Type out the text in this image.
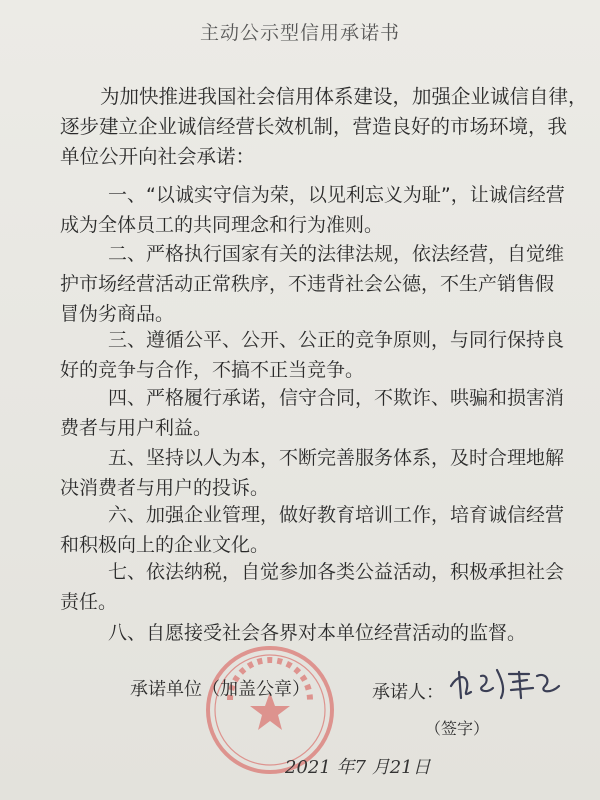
主动公示型信用承诺书
为加快推进我国社会信用体系建设，加强企业诚信自律，
逐步建立企业诚信经营长效机制，营造良好的市场环境，我
单位公开向社会承诺：
一、“以诚实守信为荣，以见利忘义为耻”，让诚信经营
成为全体员工的共同理念和行为准则。
二、严格执行国家有关的法律法规，依法经营，自觉维
护市场经营活动正常秩序，不违背社会公德，不生产销售假
冒伪劣商品。
三、遵循公平、公开、公正的竞争原则，与同行保持良
好的竞争与合作，不搞不正当竞争。
四、严格履行承诺，信守合同，不欺诈、哄骗和损害消
费者与用户利益。
五、坚持以人为本，不断完善服务体系，及时合理地解
决消费者与用户的投诉。
六、加强企业管理，做好教育培训工作，培育诚信经营
和积极向上的企业文化。
七、依法纳税，自觉参加各类公益活动，积极承担社会
责任。
八、自愿接受社会各界对本单位经营活动的监督。
承诺单位（加盖公章）	承诺人：
（签字）
2021 年7 月21日
